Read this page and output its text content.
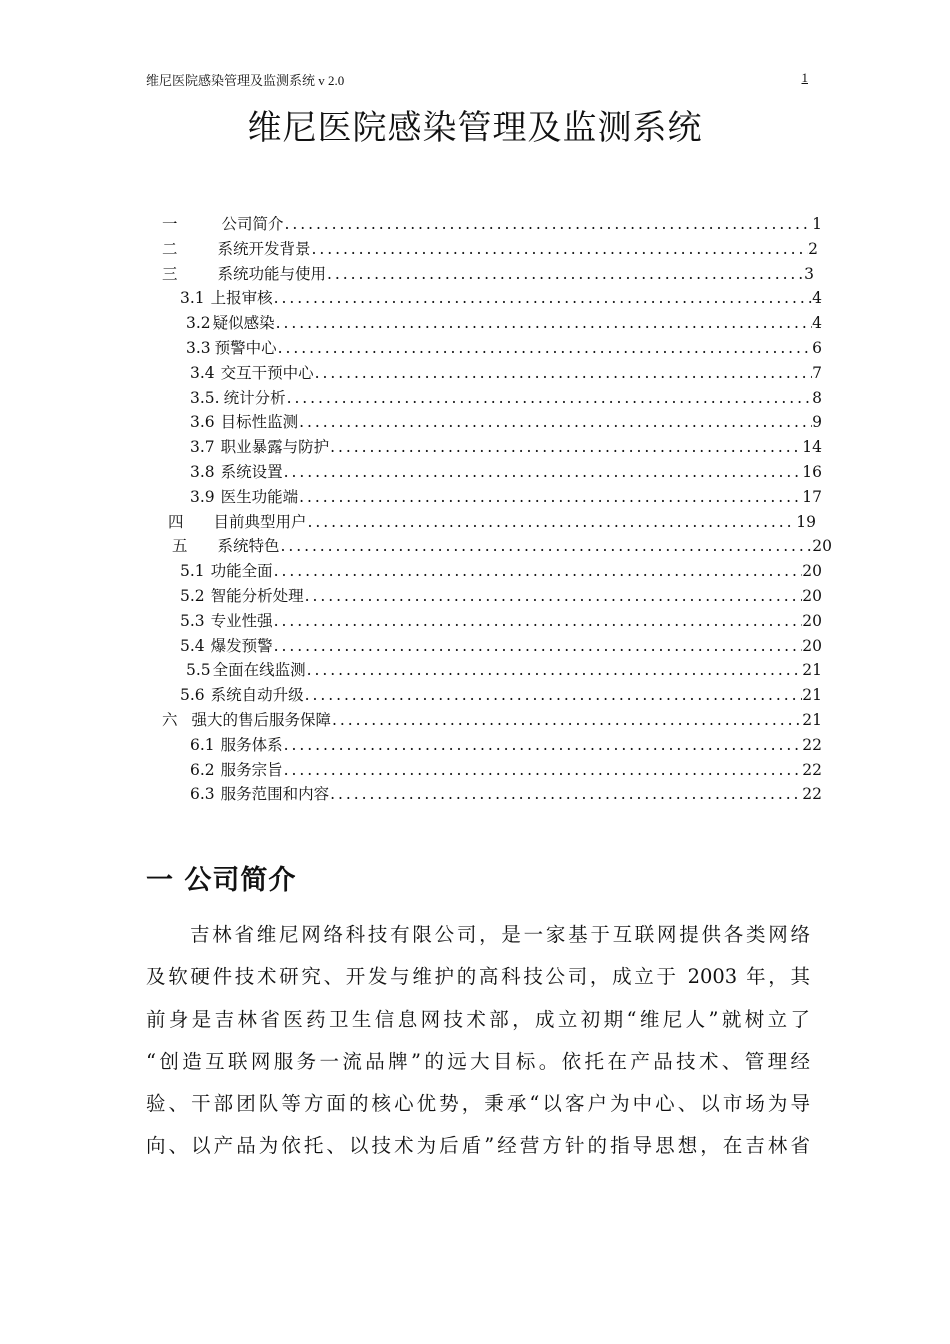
维尼医院感染管理及监测系统 v 2.0	1
维尼医院感染管理及监测系统
一	公司简介 . . .	1
二	系统开发背景 . . .	2
三	系统功能与使用 . . .	3
3.1 上报审核 . . .	4
3.2 疑似感染 . . .	4
3.3 预警中心 . . .	6
3.4 交互干预中心 . . .	7
3.5. 统计分析 . . .	8
3.6 目标性监测 . . .	9
3.7 职业暴露与防护 . . .	14
3.8 系统设置 . . .	16
3.9 医生功能端 . . .	17
四 目前典型用户 . . .	19
五 系统特色 . . .	20
5.1 功能全面 . . .	20
5.2 智能分析处理 . . .	20
5.3 专业性强 . . .	20
5.4 爆发预警 . . .	20
5.5 全面在线监测 . . .	21
5.6 系统自动升级 . . .	21
六 强大的售后服务保障 . . .	21
6.1 服务体系 . . .	22
6.2 服务宗旨 . . .	22
6.3 服务范围和内容 . . .	22
一 公司简介
吉林省维尼网络科技有限公司，是一家基于互联网提供各类网络
及软硬件技术研究、开发与维护的高科技公司，成立于 2003 年，其
前身是吉林省医药卫生信息网技术部，成立初期“维尼人”就树立了
“创造互联网服务一流品牌”的远大目标。依托在产品技术、管理经
验、干部团队等方面的核心优势，秉承“以客户为中心、以市场为导
向、以产品为依托、以技术为后盾”经营方针的指导思想，在吉林省
